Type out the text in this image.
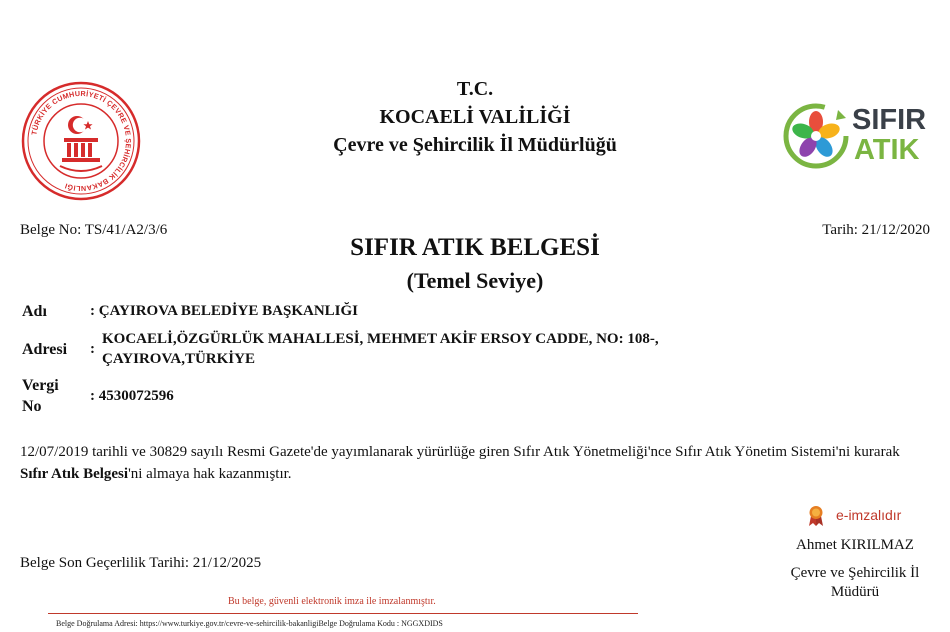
TÜRKİYE CUMHURİYETİ ÇEVRE VE ŞEHİRCİLİK BAKANLIĞI
T.C.
KOCAELİ VALİLİĞİ
Çevre ve Şehircilik İl Müdürlüğü
SIFIR
ATIK
Belge No: TS/41/A2/3/6	Tarih: 21/12/2020
SIFIR ATIK BELGESİ
(Temel Seviye)
Adı	: ÇAYIROVA BELEDİYE BAŞKANLIĞI
Adresi :
KOCAELİ,ÖZGÜRLÜK MAHALLESİ, MEHMET AKİF ERSOY CADDE, NO: 108-,
ÇAYIROVA,TÜRKİYE
Vergi
No
: 4530072596
12/07/2019 tarihli ve 30829 sayılı Resmi Gazete'de yayımlanarak yürürlüğe giren Sıfır Atık Yönetmeliği'nce Sıfır Atık Yönetim Sistemi'ni kurarak Sıfır Atık Belgesi'ni almaya hak kazanmıştır.
Belge Son Geçerlilik Tarihi: 21/12/2025
e-imzalıdır
Ahmet KIRILMAZ
Çevre ve Şehircilik İl
Müdürü
Bu belge, güvenli elektronik imza ile imzalanmıştır.
Belge Doğrulama Adresi: https://www.turkiye.gov.tr/cevre-ve-sehircilik-bakanligiBelge Doğrulama Kodu : NGGXDIDS
